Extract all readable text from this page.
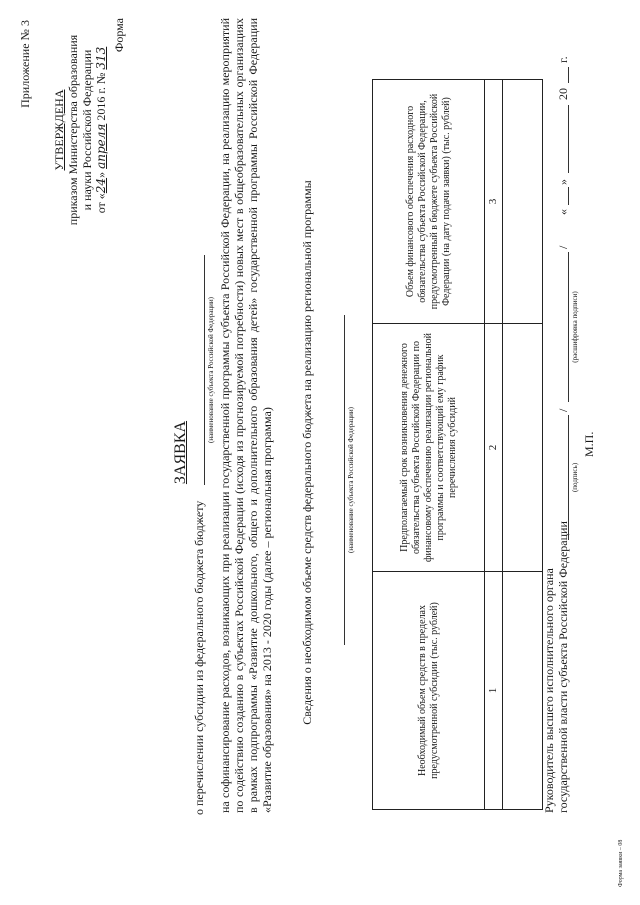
Приложение № 3
УТВЕРЖДЕНА приказом Министерства образования и науки Российской Федерации от «24» апреля 2016 г. № 313
Форма
ЗАЯВКА
о перечислении субсидии из федерального бюджета бюджету
(наименование субъекта Российской Федерации) на софинансирование расходов, возникающих при реализации государственной программы субъекта Российской Федерации, на реализацию мероприятий по содействию созданию в субъектах Российской Федерации (исходя из прогнозируемой потребности) новых мест в общеобразовательных организациях в рамках подпрограммы «Развитие дошкольного, общего и дополнительного образования детей» государственной программы Российской Федерации «Развитие образования» на 2013 - 2020 годы (далее – региональная программа) Сведения о необходимом объеме средств федерального бюджета на реализацию региональной программы	(наименование субъекта Российской Федерации)
Необходимый объем средств в пределах предусмотренной субсидии (тыс. рублей)	Предполагаемый срок возникновения денежного обязательства субъекта Российской Федерации по финансовому обеспечению реализации региональной программы и соответствующий ему график перечисления субсидий	Объем финансового обеспечения расходного обязательства субъекта Российской Федерации, предусмотренный в бюджете субъекта Российской Федерации (на дату подачи заявки) (тыс. рублей)
1	2	3

Руководитель высшего исполнительного органа государственной власти субъекта Российской Федерации
(подпись)
/
(расшифровка подписи)
/
«
»
20
г.
М.П.
Форма заявки – 08
